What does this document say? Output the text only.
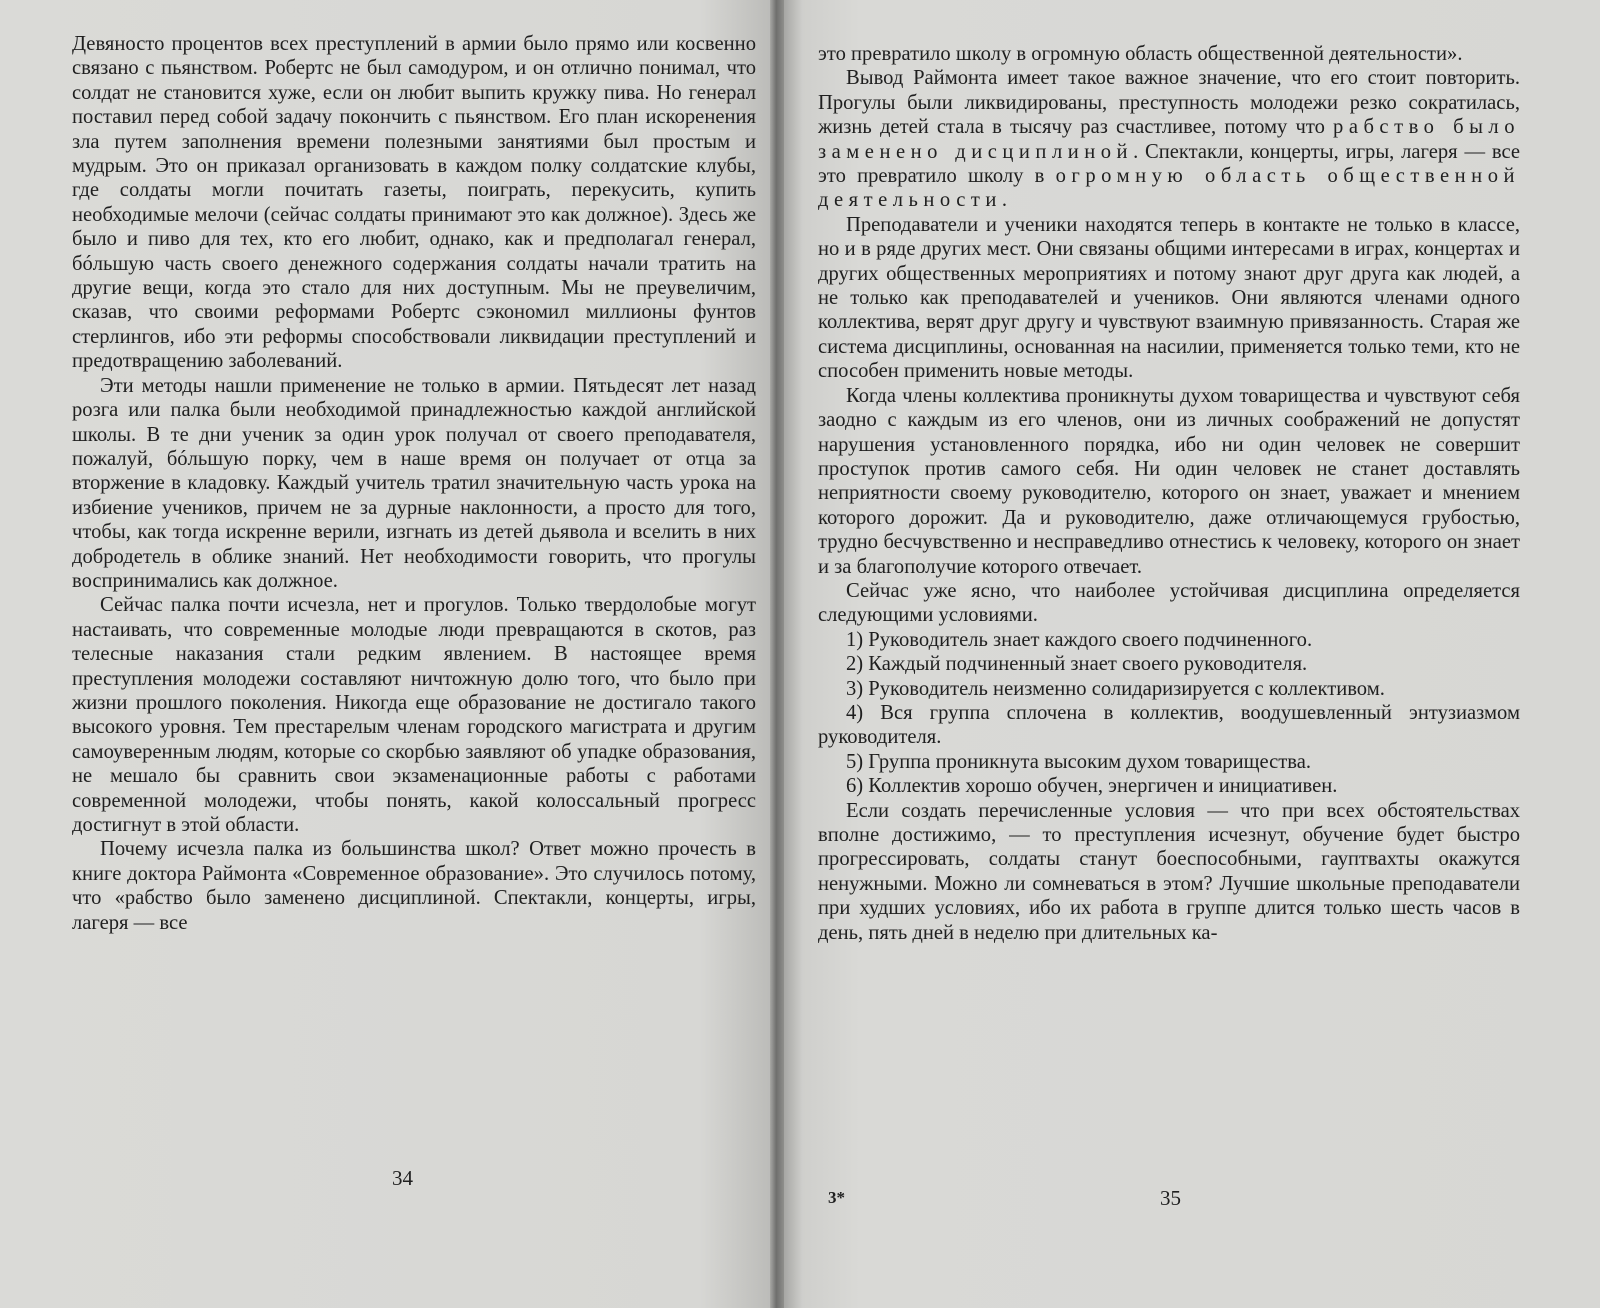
Девяносто процентов всех преступлений в армии было прямо или косвенно связано с пьянством. Робертс не был самодуром, и он отлично понимал, что солдат не становится хуже, если он любит выпить кружку пива. Но генерал поставил перед собой задачу покончить с пьянством. Его план искоренения зла путем заполнения времени полезными занятиями был простым и мудрым. Это он приказал организовать в каждом полку солдатские клубы, где солдаты могли почитать газеты, поиграть, перекусить, купить необходимые мелочи (сейчас солдаты принимают это как должное). Здесь же было и пиво для тех, кто его любит, однако, как и предполагал генерал, бóльшую часть своего денежного содержания солдаты начали тратить на другие вещи, когда это стало для них доступным. Мы не преувеличим, сказав, что своими реформами Робертс сэкономил миллионы фунтов стерлингов, ибо эти реформы способствовали ликвидации преступлений и предотвращению заболеваний.

Эти методы нашли применение не только в армии. Пятьдесят лет назад розга или палка были необходимой принадлежностью каждой английской школы. В те дни ученик за один урок получал от своего преподавателя, пожалуй, бóльшую порку, чем в наше время он получает от отца за вторжение в кладовку. Каждый учитель тратил значительную часть урока на избиение учеников, причем не за дурные наклонности, а просто для того, чтобы, как тогда искренне верили, изгнать из детей дьявола и вселить в них добродетель в облике знаний. Нет необходимости говорить, что прогулы воспринимались как должное.

Сейчас палка почти исчезла, нет и прогулов. Только твердолобые могут настаивать, что современные молодые люди превращаются в скотов, раз телесные наказания стали редким явлением. В настоящее время преступления молодежи составляют ничтожную долю того, что было при жизни прошлого поколения. Никогда еще образование не достигало такого высокого уровня. Тем престарелым членам городского магистрата и другим самоуверенным людям, которые со скорбью заявляют об упадке образования, не мешало бы сравнить свои экзаменационные работы с работами современной молодежи, чтобы понять, какой колоссальный прогресс достигнут в этой области.

Почему исчезла палка из большинства школ? Ответ можно прочесть в книге доктора Раймонта «Современное образование». Это случилось потому, что «рабство было заменено дисциплиной. Спектакли, концерты, игры, лагеря — все

34

это превратило школу в огромную область общественной деятельности».

Вывод Раймонта имеет такое важное значение, что его стоит повторить. Прогулы были ликвидированы, преступность молодежи резко сократилась, жизнь детей стала в тысячу раз счастливее, потому что рабство было заменено дисциплиной. Спектакли, концерты, игры, лагеря — все это превратило школу в огромную область общественной деятельности.

Преподаватели и ученики находятся теперь в контакте не только в классе, но и в ряде других мест. Они связаны общими интересами в играх, концертах и других общественных мероприятиях и потому знают друг друга как людей, а не только как преподавателей и учеников. Они являются членами одного коллектива, верят друг другу и чувствуют взаимную привязанность. Старая же система дисциплины, основанная на насилии, применяется только теми, кто не способен применить новые методы.

Когда члены коллектива проникнуты духом товарищества и чувствуют себя заодно с каждым из его членов, они из личных соображений не допустят нарушения установленного порядка, ибо ни один человек не совершит проступок против самого себя. Ни один человек не станет доставлять неприятности своему руководителю, которого он знает, уважает и мнением которого дорожит. Да и руководителю, даже отличающемуся грубостью, трудно бесчувственно и несправедливо отнестись к человеку, которого он знает и за благополучие которого отвечает.

Сейчас уже ясно, что наиболее устойчивая дисциплина определяется следующими условиями.

1) Руководитель знает каждого своего подчиненного.

2) Каждый подчиненный знает своего руководителя.

3) Руководитель неизменно солидаризируется с коллективом.

4) Вся группа сплочена в коллектив, воодушевленный энтузиазмом руководителя.

5) Группа проникнута высоким духом товарищества.

6) Коллектив хорошо обучен, энергичен и инициативен.

Если создать перечисленные условия — что при всех обстоятельствах вполне достижимо, — то преступления исчезнут, обучение будет быстро прогрессировать, солдаты станут боеспособными, гауптвахты окажутся ненужными. Можно ли сомневаться в этом? Лучшие школьные преподаватели при худших условиях, ибо их работа в группе длится только шесть часов в день, пять дней в неделю при длительных ка-

3*	35
